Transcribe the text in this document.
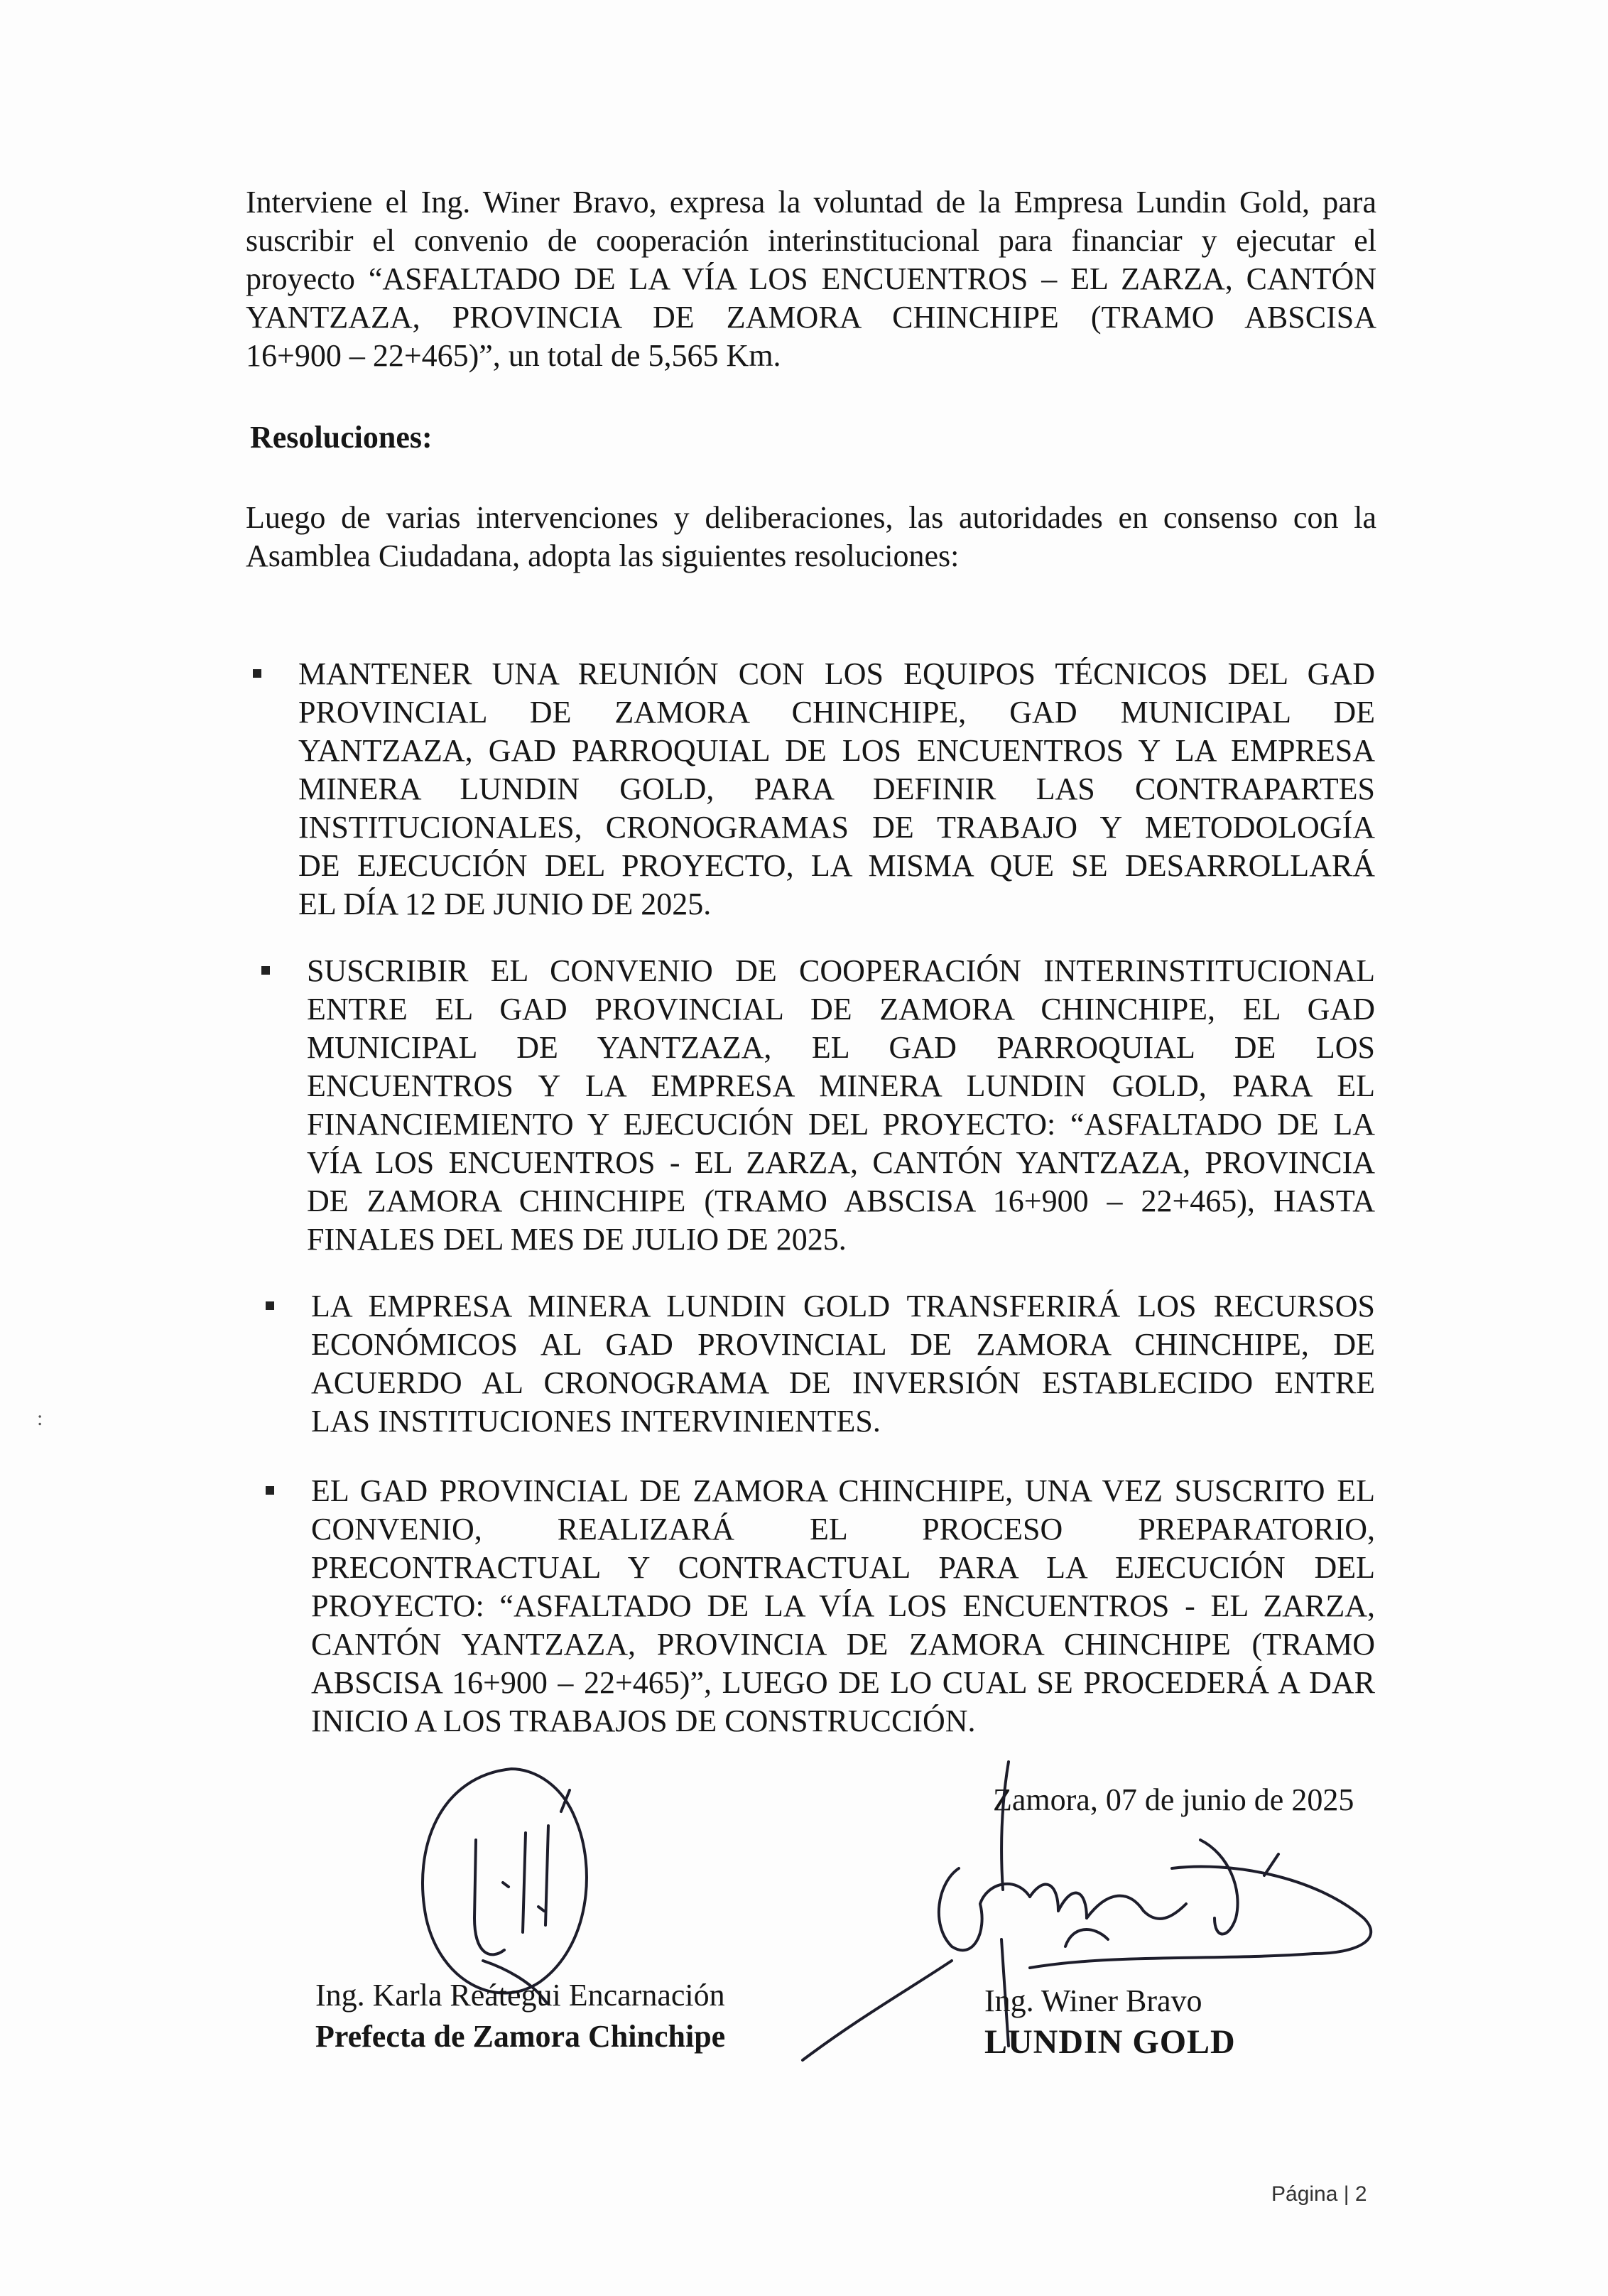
Interviene el Ing. Winer Bravo, expresa la voluntad de la Empresa Lundin Gold, para
suscribir el convenio de cooperación interinstitucional para financiar y ejecutar el
proyecto “ASFALTADO DE LA VÍA LOS ENCUENTROS – EL ZARZA, CANTÓN
YANTZAZA, PROVINCIA DE ZAMORA CHINCHIPE (TRAMO ABSCISA
16+900 – 22+465)”, un total de 5,565 Km.

Resoluciones:

Luego de varias intervenciones y deliberaciones, las autoridades en consenso con la
Asamblea Ciudadana, adopta las siguientes resoluciones:

MANTENER UNA REUNIÓN CON LOS EQUIPOS TÉCNICOS DEL GAD
PROVINCIAL DE ZAMORA CHINCHIPE, GAD MUNICIPAL DE
YANTZAZA, GAD PARROQUIAL DE LOS ENCUENTROS Y LA EMPRESA
MINERA LUNDIN GOLD, PARA DEFINIR LAS CONTRAPARTES
INSTITUCIONALES, CRONOGRAMAS DE TRABAJO Y METODOLOGÍA
DE EJECUCIÓN DEL PROYECTO, LA MISMA QUE SE DESARROLLARÁ
EL DÍA 12 DE JUNIO DE 2025.
SUSCRIBIR EL CONVENIO DE COOPERACIÓN INTERINSTITUCIONAL
ENTRE EL GAD PROVINCIAL DE ZAMORA CHINCHIPE, EL GAD
MUNICIPAL DE YANTZAZA, EL GAD PARROQUIAL DE LOS
ENCUENTROS Y LA EMPRESA MINERA LUNDIN GOLD, PARA EL
FINANCIEMIENTO Y EJECUCIÓN DEL PROYECTO: “ASFALTADO DE LA
VÍA LOS ENCUENTROS - EL ZARZA, CANTÓN YANTZAZA, PROVINCIA
DE ZAMORA CHINCHIPE (TRAMO ABSCISA 16+900 – 22+465), HASTA
FINALES DEL MES DE JULIO DE 2025.
LA EMPRESA MINERA LUNDIN GOLD TRANSFERIRÁ LOS RECURSOS
ECONÓMICOS AL GAD PROVINCIAL DE ZAMORA CHINCHIPE, DE
ACUERDO AL CRONOGRAMA DE INVERSIÓN ESTABLECIDO ENTRE
LAS INSTITUCIONES INTERVINIENTES.
EL GAD PROVINCIAL DE ZAMORA CHINCHIPE, UNA VEZ SUSCRITO EL
CONVENIO, REALIZARÁ EL PROCESO PREPARATORIO,
PRECONTRACTUAL Y CONTRACTUAL PARA LA EJECUCIÓN DEL
PROYECTO: “ASFALTADO DE LA VÍA LOS ENCUENTROS - EL ZARZA,
CANTÓN YANTZAZA, PROVINCIA DE ZAMORA CHINCHIPE (TRAMO
ABSCISA 16+900 – 22+465)”, LUEGO DE LO CUAL SE PROCEDERÁ A DAR
INICIO A LOS TRABAJOS DE CONSTRUCCIÓN.

Zamora, 07 de junio de 2025

Ing. Karla Reátegui Encarnación
Prefecta de Zamora Chinchipe
Ing. Winer Bravo
LUNDIN GOLD
:
Página | 2
